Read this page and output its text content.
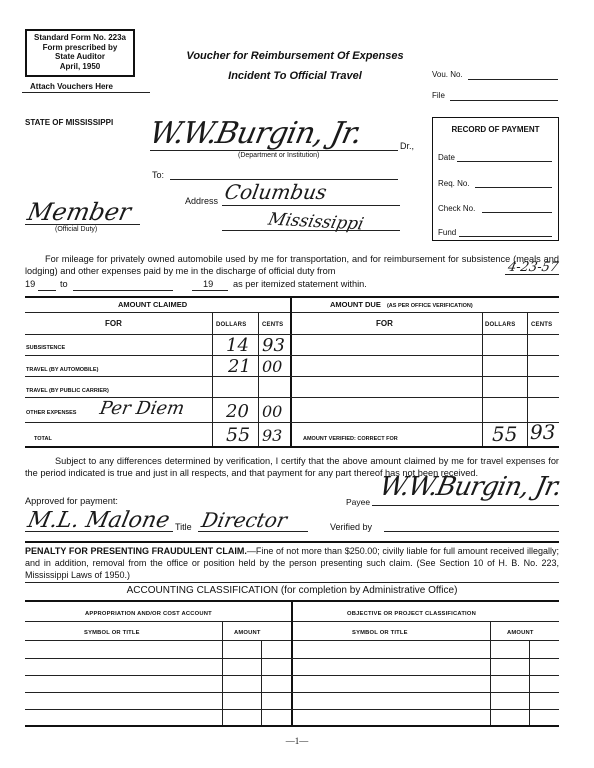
Standard Form No. 223a
Form prescribed by
State Auditor
April, 1950
Attach Vouchers Here
Voucher for Reimbursement Of Expenses
Incident To Official Travel	Vou. No.
File
STATE OF MISSISSIPPI W.W.Burgin, Jr.	Dr.,
(Department or Institution)
To:
Address Columbus
Mississippi
Member
(Official Duty)
RECORD OF PAYMENT
Date
Req. No.
Check No.
Fund
For mileage for privately owned automobile used by me for transportation, and for reimbursement for subsistence (meals and lodging) and other expenses paid by me in the discharge of official duty from	4-23-57
19	to	19 as per itemized statement within.
AMOUNT CLAIMED	AMOUNT DUE (AS PER OFFICE VERIFICATION)
FOR	DOLLARS	CENTS	FOR	DOLLARS	CENTS
SUBSISTENCE	14 93
TRAVEL (BY AUTOMOBILE)	21 00
TRAVEL (BY PUBLIC CARRIER)
OTHER EXPENSES Per Diem 20 00
TOTAL	55 93	AMOUNT VERIFIED: CORRECT FOR	55 93
Subject to any differences determined by verification, I certify that the above amount claimed by me for travel expenses for the period indicated is true and just in all respects, and that payment for any part thereof has not been received.
Approved for payment:	Payee W.W.Burgin, Jr.
M.L. Malone Title Director	Verified by
PENALTY FOR PRESENTING FRAUDULENT CLAIM.—Fine of not more than $250.00; civilly liable for full amount received illegally; and in addition, removal from the office or position held by the person presenting such claim. (See Section 10 of H. B. No. 223, Mississippi Laws of 1950.)
ACCOUNTING CLASSIFICATION (for completion by Administrative Office)
APPROPRIATION AND/OR COST ACCOUNT	OBJECTIVE OR PROJECT CLASSIFICATION
SYMBOL OR TITLE	AMOUNT	SYMBOL OR TITLE	AMOUNT
—1—
